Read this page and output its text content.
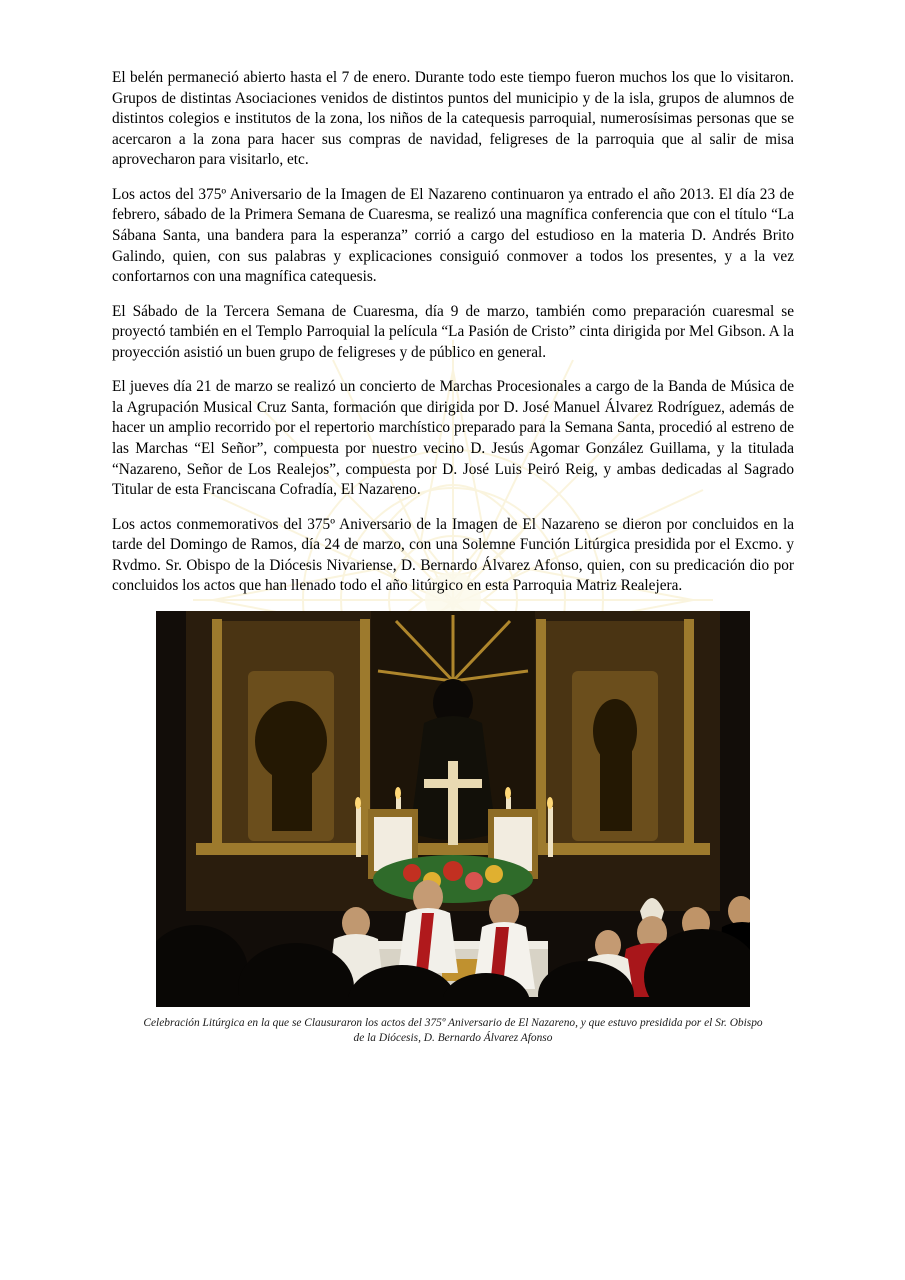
El belén permaneció abierto hasta el 7 de enero. Durante todo este tiempo fueron muchos los que lo visitaron. Grupos de distintas Asociaciones venidos de distintos puntos del municipio y de la isla, grupos de alumnos de distintos colegios e institutos de la zona, los niños de la catequesis parroquial, numerosísimas personas que se acercaron a la zona para hacer sus compras de navidad, feligreses de la parroquia que al salir de misa aprovecharon para visitarlo, etc.

Los actos del 375º Aniversario de la Imagen de El Nazareno continuaron ya entrado el año 2013. El día 23 de febrero, sábado de la Primera Semana de Cuaresma, se realizó una magnífica conferencia que con el título “La Sábana Santa, una bandera para la esperanza” corrió a cargo del estudioso en la materia D. Andrés Brito Galindo, quien, con sus palabras y explicaciones consiguió conmover a todos los presentes, y a la vez confortarnos con una magnífica catequesis.

El Sábado de la Tercera Semana de Cuaresma, día 9 de marzo, también como preparación cuaresmal se proyectó también en el Templo Parroquial la película “La Pasión de Cristo” cinta dirigida por Mel Gibson. A la proyección asistió un buen grupo de feligreses y de público en general.

El jueves día 21 de marzo se realizó un concierto de Marchas Procesionales a cargo de la Banda de Música de la Agrupación Musical Cruz Santa, formación que dirigida por D. José Manuel Álvarez Rodríguez, además de hacer un amplio recorrido por el repertorio marchístico preparado para la Semana Santa, procedió al estreno de las Marchas “El Señor”, compuesta por nuestro vecino D. Jesús Agomar González Guillama, y la titulada “Nazareno, Señor de Los Realejos”, compuesta por D. José Luis Peiró Reig, y ambas dedicadas al Sagrado Titular de esta Franciscana Cofradía, El Nazareno.

Los actos conmemorativos del 375º Aniversario de la Imagen de El Nazareno se dieron por concluidos en la tarde del Domingo de Ramos, día 24 de marzo, con una Solemne Función Litúrgica presidida por el Excmo. y Rvdmo. Sr. Obispo de la Diócesis Nivariense, D. Bernardo Álvarez Afonso, quien, con su predicación dio por concluidos los actos que han llenado todo el año litúrgico en esta Parroquia Matriz Realejera.

Celebración Litúrgica en la que se Clausuraron los actos del 375º Aniversario de El Nazareno, y que estuvo presidida por el Sr. Obispo de la Diócesis, D. Bernardo Álvarez Afonso
